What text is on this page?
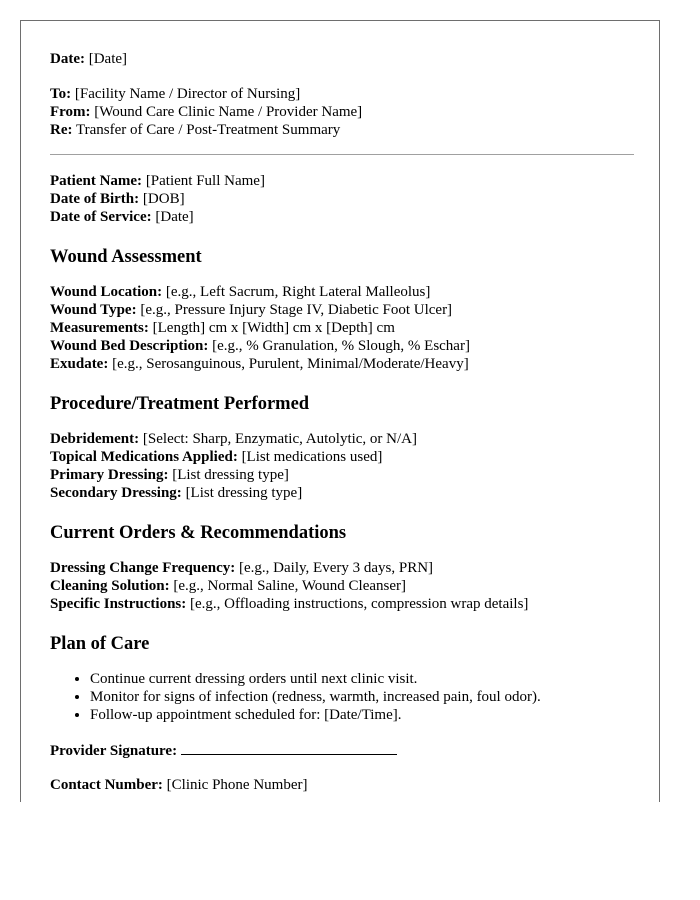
Date: [Date]
To: [Facility Name / Director of Nursing]
From: [Wound Care Clinic Name / Provider Name]
Re: Transfer of Care / Post-Treatment Summary
Patient Name: [Patient Full Name]
Date of Birth: [DOB]
Date of Service: [Date]
Wound Assessment
Wound Location: [e.g., Left Sacrum, Right Lateral Malleolus]
Wound Type: [e.g., Pressure Injury Stage IV, Diabetic Foot Ulcer]
Measurements: [Length] cm x [Width] cm x [Depth] cm
Wound Bed Description: [e.g., % Granulation, % Slough, % Eschar]
Exudate: [e.g., Serosanguinous, Purulent, Minimal/Moderate/Heavy]
Procedure/Treatment Performed
Debridement: [Select: Sharp, Enzymatic, Autolytic, or N/A]
Topical Medications Applied: [List medications used]
Primary Dressing: [List dressing type]
Secondary Dressing: [List dressing type]
Current Orders & Recommendations
Dressing Change Frequency: [e.g., Daily, Every 3 days, PRN]
Cleaning Solution: [e.g., Normal Saline, Wound Cleanser]
Specific Instructions: [e.g., Offloading instructions, compression wrap details]
Plan of Care
• Continue current dressing orders until next clinic visit.
• Monitor for signs of infection (redness, warmth, increased pain, foul odor).
• Follow-up appointment scheduled for: [Date/Time].
Provider Signature:
Contact Number: [Clinic Phone Number]
